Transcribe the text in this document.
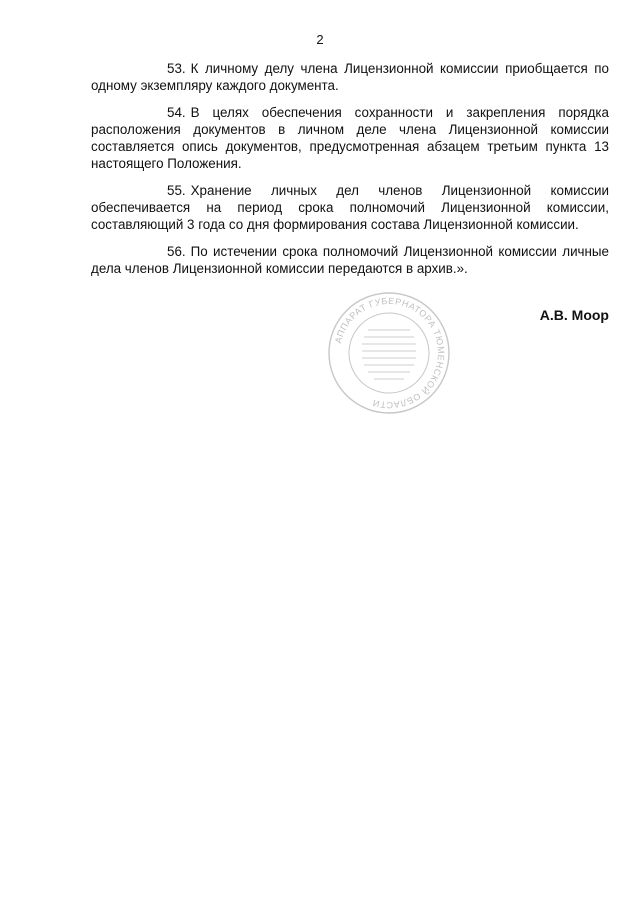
2

53. К личному делу члена Лицензионной комиссии приобщается по одному экземпляру каждого документа.

54. В целях обеспечения сохранности и закрепления порядка расположения документов в личном деле члена Лицензионной комиссии составляется опись документов, предусмотренная абзацем третьим пункта 13 настоящего Положения.

55. Хранение личных дел членов Лицензионной комиссии обеспечивается на период срока полномочий Лицензионной комиссии, составляющий 3 года со дня формирования состава Лицензионной комиссии.

56. По истечении срока полномочий Лицензионной комиссии личные дела членов Лицензионной комиссии передаются в архив.».

АППАРАТ ГУБЕРНАТОРА ТЮМЕНСКОЙ ОБЛАСТИ
А.В. Моор
